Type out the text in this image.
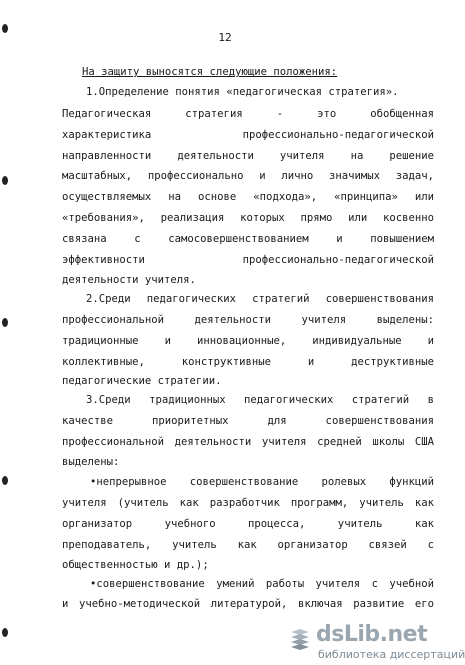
12
На защиту выносятся следующие положения:
1.Определение понятия «педагогическая стратегия».
Педагогическая стратегия - это обобщенная
характеристика профессионально-педагогической
направленности деятельности учителя на решение
масштабных, профессионально и лично значимых задач,
осуществляемых на основе «подхода», «принципа» или
«требования», реализация которых прямо или косвенно
связана с самосовершенствованием и повышением
эффективности профессионально-педагогической
деятельности учителя.
2.Среди педагогических стратегий совершенствования
профессиональной деятельности учителя выделены:
традиционные и инновационные, индивидуальные и
коллективные, конструктивные и деструктивные
педагогические стратегии.
3.Среди традиционных педагогических стратегий в
качестве приоритетных для совершенствования
профессиональной деятельности учителя средней школы США
выделены:
•непрерывное совершенствование ролевых функций
учителя (учитель как разработчик программ, учитель как
организатор учебного процесса, учитель как
преподаватель, учитель как организатор связей с
общественностью и др.);
•совершенствование умений работы учителя с учебной
и учебно-методической литературой, включая развитие его
dsLib.net
библиотека диссертаций
